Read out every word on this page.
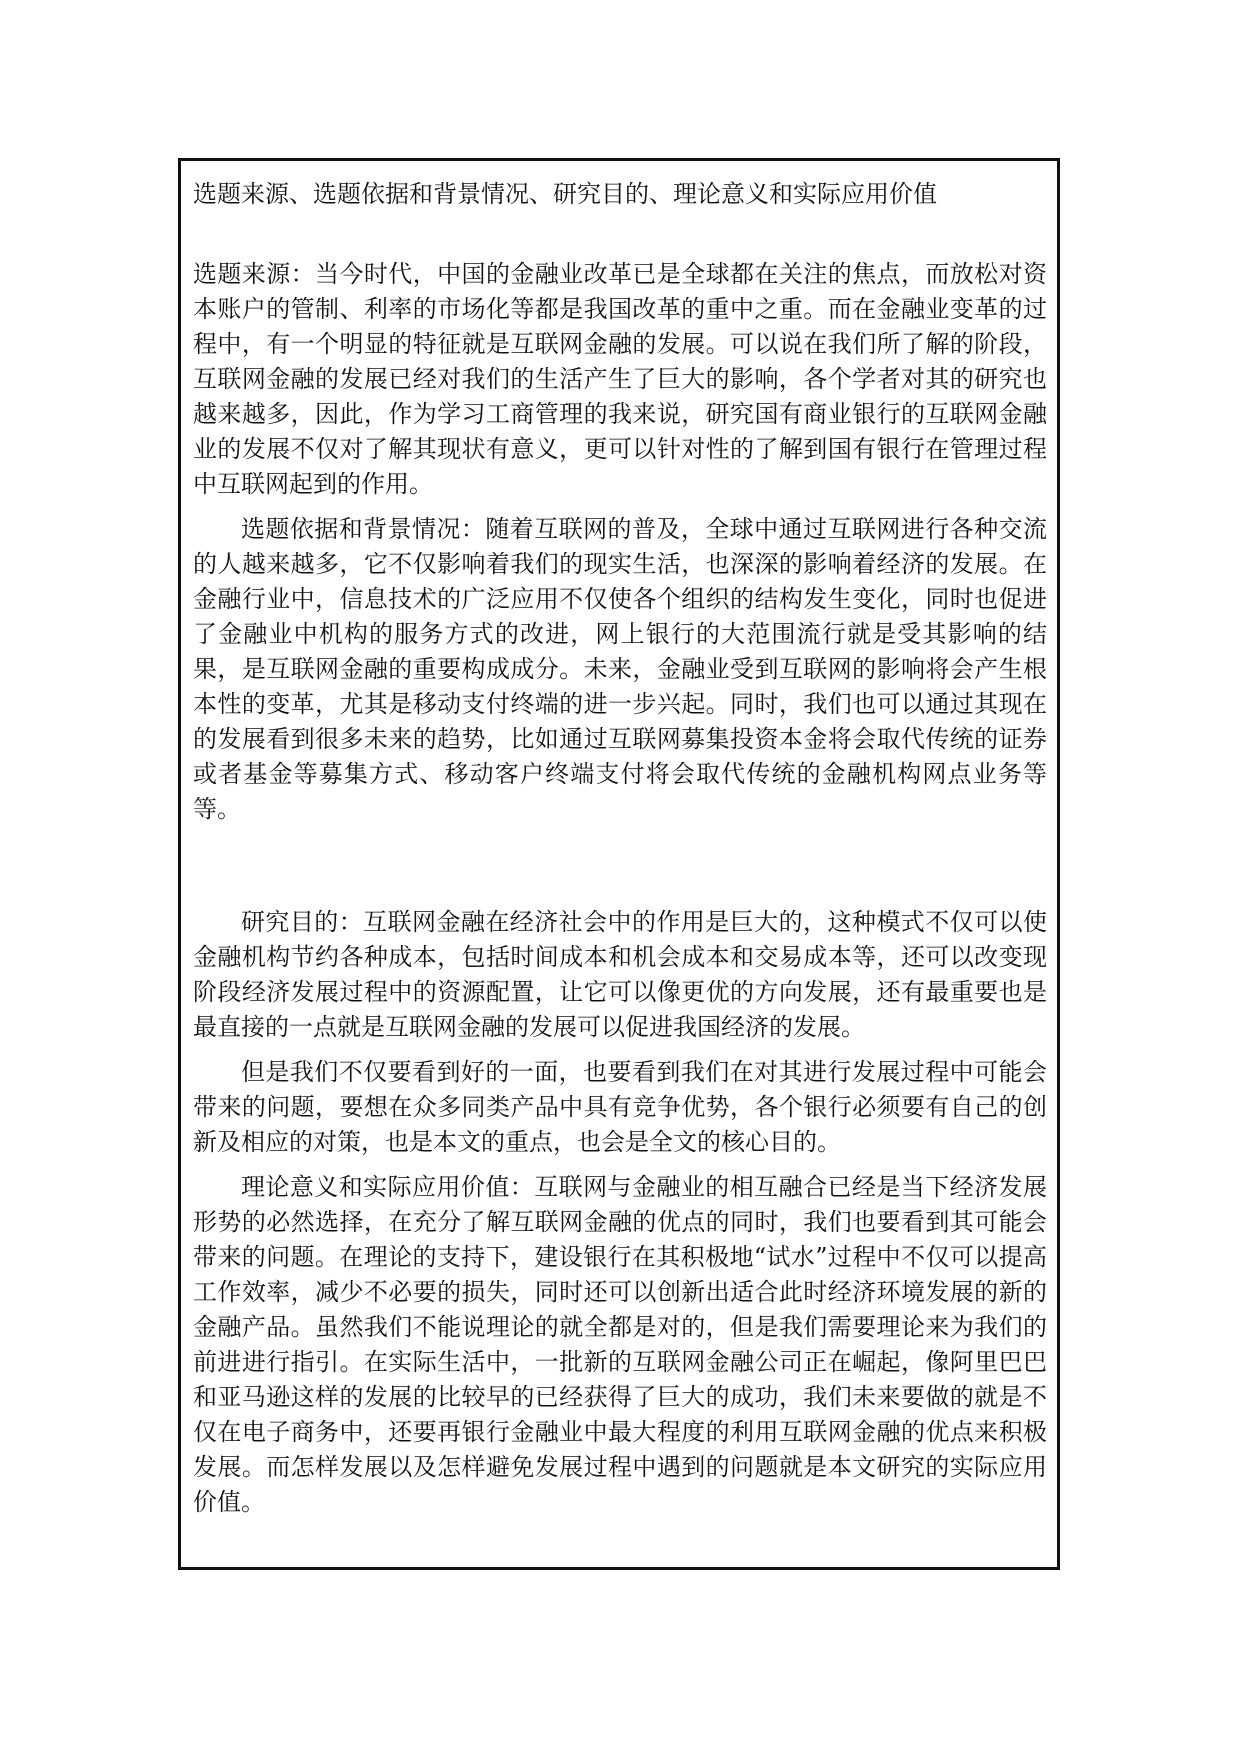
选题来源、选题依据和背景情况、研究目的、理论意义和实际应用价值

选题来源：当今时代，中国的金融业改革已是全球都在关注的焦点，而放松对资本账户的管制、利率的市场化等都是我国改革的重中之重。而在金融业变革的过程中，有一个明显的特征就是互联网金融的发展。可以说在我们所了解的阶段，互联网金融的发展已经对我们的生活产生了巨大的影响，各个学者对其的研究也越来越多，因此，作为学习工商管理的我来说，研究国有商业银行的互联网金融业的发展不仅对了解其现状有意义，更可以针对性的了解到国有银行在管理过程中互联网起到的作用。

选题依据和背景情况：随着互联网的普及，全球中通过互联网进行各种交流的人越来越多，它不仅影响着我们的现实生活，也深深的影响着经济的发展。在金融行业中，信息技术的广泛应用不仅使各个组织的结构发生变化，同时也促进了金融业中机构的服务方式的改进，网上银行的大范围流行就是受其影响的结果，是互联网金融的重要构成成分。未来，金融业受到互联网的影响将会产生根本性的变革，尤其是移动支付终端的进一步兴起。同时，我们也可以通过其现在的发展看到很多未来的趋势，比如通过互联网募集投资本金将会取代传统的证券或者基金等募集方式、移动客户终端支付将会取代传统的金融机构网点业务等等。

研究目的：互联网金融在经济社会中的作用是巨大的，这种模式不仅可以使金融机构节约各种成本，包括时间成本和机会成本和交易成本等，还可以改变现阶段经济发展过程中的资源配置，让它可以像更优的方向发展，还有最重要也是最直接的一点就是互联网金融的发展可以促进我国经济的发展。

但是我们不仅要看到好的一面，也要看到我们在对其进行发展过程中可能会带来的问题，要想在众多同类产品中具有竞争优势，各个银行必须要有自己的创新及相应的对策，也是本文的重点，也会是全文的核心目的。

理论意义和实际应用价值：互联网与金融业的相互融合已经是当下经济发展形势的必然选择，在充分了解互联网金融的优点的同时，我们也要看到其可能会带来的问题。在理论的支持下，建设银行在其积极地“试水”过程中不仅可以提高工作效率，减少不必要的损失，同时还可以创新出适合此时经济环境发展的新的金融产品。虽然我们不能说理论的就全都是对的，但是我们需要理论来为我们的前进进行指引。在实际生活中，一批新的互联网金融公司正在崛起，像阿里巴巴和亚马逊这样的发展的比较早的已经获得了巨大的成功，我们未来要做的就是不仅在电子商务中，还要再银行金融业中最大程度的利用互联网金融的优点来积极发展。而怎样发展以及怎样避免发展过程中遇到的问题就是本文研究的实际应用价值。
